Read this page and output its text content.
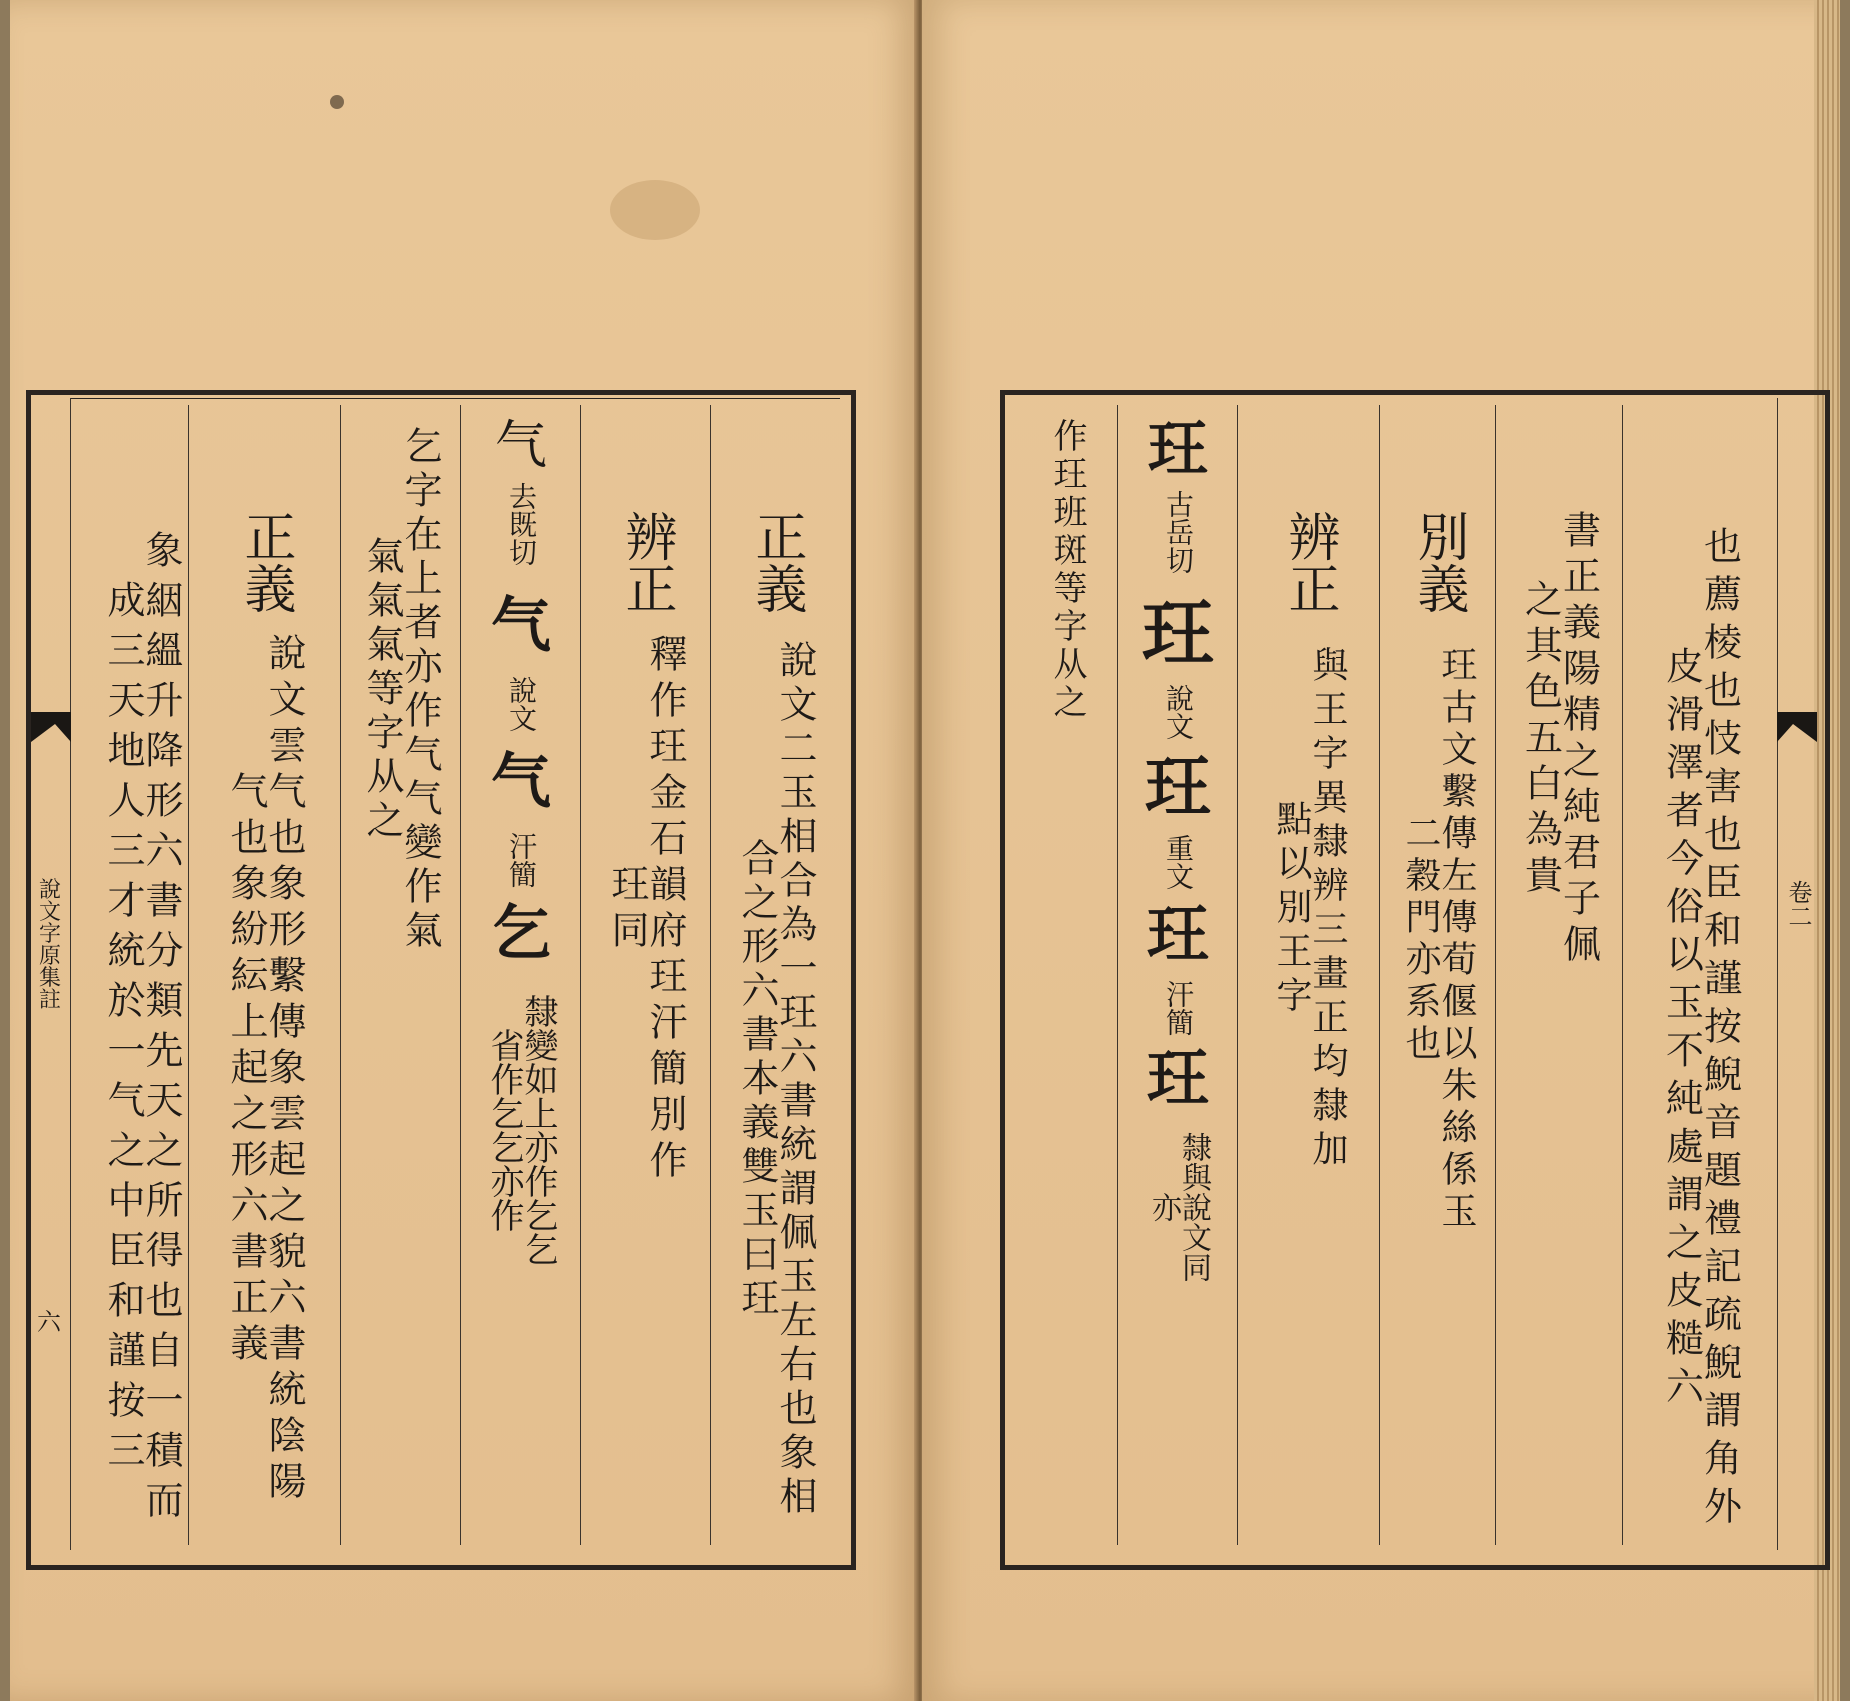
說文字原集註
六	象絪縕升降形六書分類先天之所得也自一積而成三天地人三才統於一气之中臣和謹按三
正義
說文雲气也象形繫傳象雲起之貌六書統陰陽气也象紛紜上起之形六書正義
乞字在上者亦作气气變作氣氣氣氣等字从之
气
去既切
气
說文
气
汗簡
乞
隸變如上亦作乞乞省作乞乞亦作
辨正
釋作玨金石韻府玨汗簡別作玨同
正義
說文二玉相合為一玨六書統謂佩玉左右也象相合之形六書本義雙玉曰玨	卷二
作玨班斑等字从之 玨
古岳切
玨
說文
玨
重文
玨
汗簡
玨
隸與說文同亦
辨正
與王字異隸辨三畫正均隸加點以別王字
別義
玨古文繫傳左傳荀偃以朱絲係玉二穀門亦系也	書正義陽精之純君子佩之其色五白為貴	也薦棱也忮害也臣和謹按鯢音題禮記疏鯢謂角外皮滑澤者今俗以玉不純處謂之皮糙六
